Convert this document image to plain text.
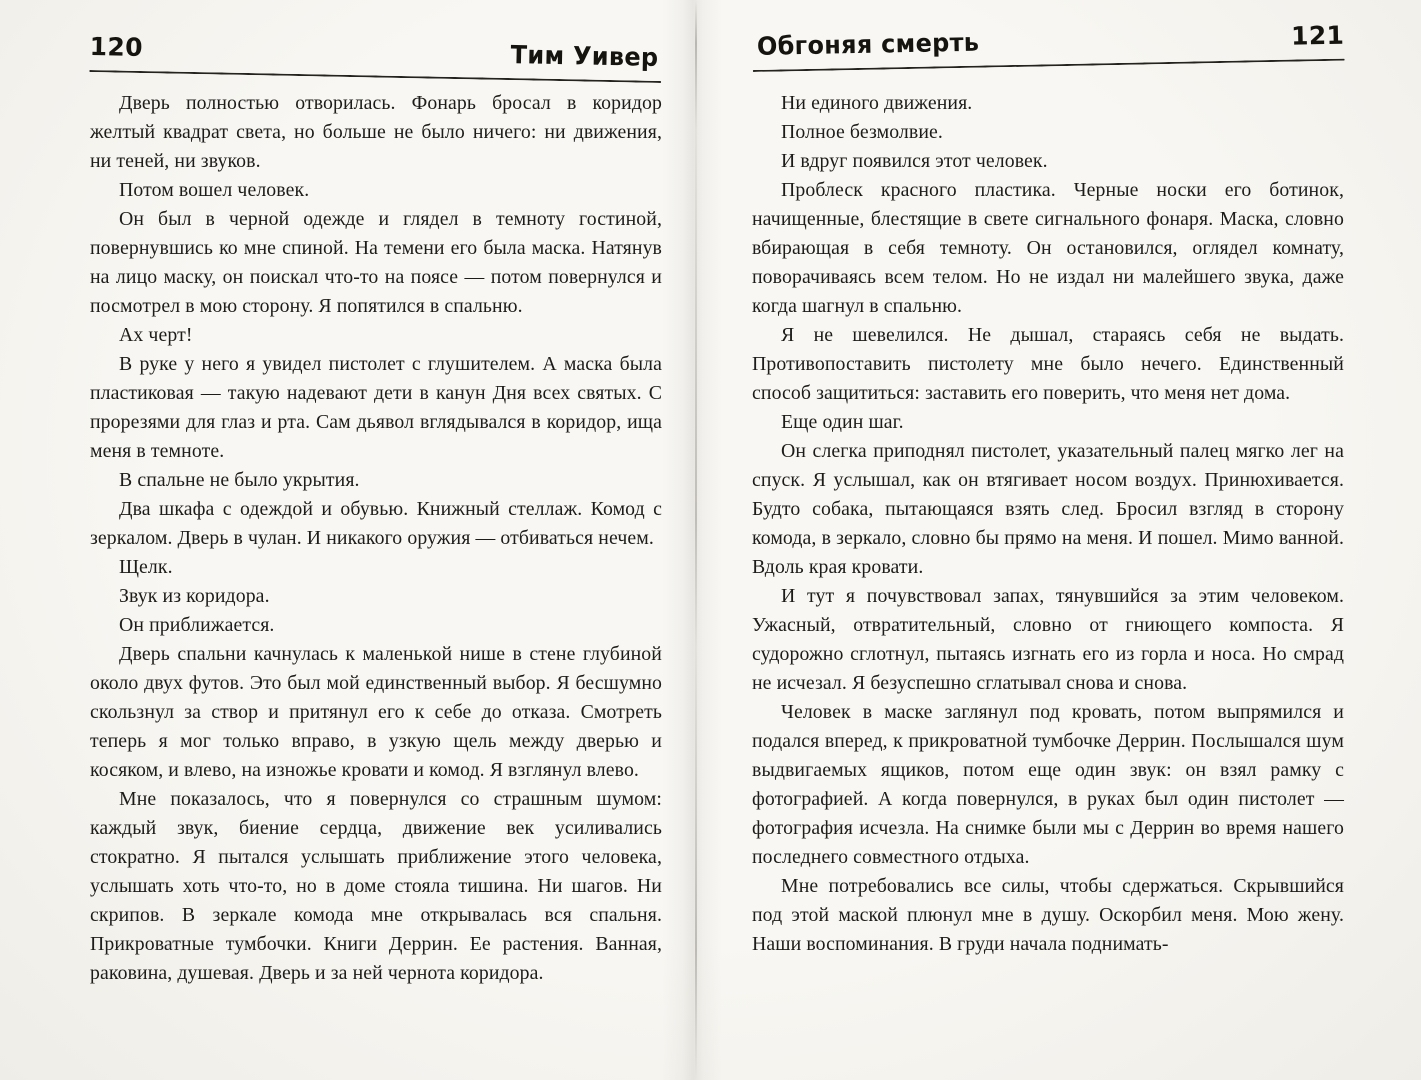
120	Тим Уивер

Дверь полностью отворилась. Фонарь бросал в коридор желтый квадрат света, но больше не было ничего: ни движения, ни теней, ни звуков.

Потом вошел человек.

Он был в черной одежде и глядел в темноту гостиной, повернувшись ко мне спиной. На темени его была маска. Натянув на лицо маску, он поискал что-то на поясе — потом повернулся и посмотрел в мою сторону. Я попятился в спальню.

Ах черт!

В руке у него я увидел пистолет с глушителем. А маска была пластиковая — такую надевают дети в канун Дня всех святых. С прорезями для глаз и рта. Сам дьявол вглядывался в коридор, ища меня в темноте.

В спальне не было укрытия.

Два шкафа с одеждой и обувью. Книжный стеллаж. Комод с зеркалом. Дверь в чулан. И никакого оружия — отбиваться нечем.

Щелк.

Звук из коридора.

Он приближается.

Дверь спальни качнулась к маленькой нише в стене глубиной около двух футов. Это был мой единственный выбор. Я бесшумно скользнул за створ и притянул его к себе до отказа. Смотреть теперь я мог только вправо, в узкую щель между дверью и косяком, и влево, на изножье кровати и комод. Я взглянул влево.

Мне показалось, что я повернулся со страшным шумом: каждый звук, биение сердца, движение век усиливались стократно. Я пытался услышать приближение этого человека, услышать хоть что-то, но в доме стояла тишина. Ни шагов. Ни скрипов. В зеркале комода мне открывалась вся спальня. Прикроватные тумбочки. Книги Деррин. Ее растения. Ванная, раковина, душевая. Дверь и за ней чернота коридора.

Обгоняя смерть	121

Ни единого движения.

Полное безмолвие.

И вдруг появился этот человек.

Проблеск красного пластика. Черные носки его ботинок, начищенные, блестящие в свете сигнального фонаря. Маска, словно вбирающая в себя темноту. Он остановился, оглядел комнату, поворачиваясь всем телом. Но не издал ни малейшего звука, даже когда шагнул в спальню.

Я не шевелился. Не дышал, стараясь себя не выдать. Противопоставить пистолету мне было нечего. Единственный способ защититься: заставить его поверить, что меня нет дома.

Еще один шаг.

Он слегка приподнял пистолет, указательный палец мягко лег на спуск. Я услышал, как он втягивает носом воздух. Принюхивается. Будто собака, пытающаяся взять след. Бросил взгляд в сторону комода, в зеркало, словно бы прямо на меня. И пошел. Мимо ванной. Вдоль края кровати.

И тут я почувствовал запах, тянувшийся за этим человеком. Ужасный, отвратительный, словно от гниющего компоста. Я судорожно сглотнул, пытаясь изгнать его из горла и носа. Но смрад не исчезал. Я безуспешно сглатывал снова и снова.

Человек в маске заглянул под кровать, потом выпрямился и подался вперед, к прикроватной тумбочке Деррин. Послышался шум выдвигаемых ящиков, потом еще один звук: он взял рамку с фотографией. А когда повернулся, в руках был один пистолет — фотография исчезла. На снимке были мы с Деррин во время нашего последнего совместного отдыха.

Мне потребовались все силы, чтобы сдержаться. Скрывшийся под этой маской плюнул мне в душу. Оскорбил меня. Мою жену. Наши воспоминания. В груди начала поднимать-
